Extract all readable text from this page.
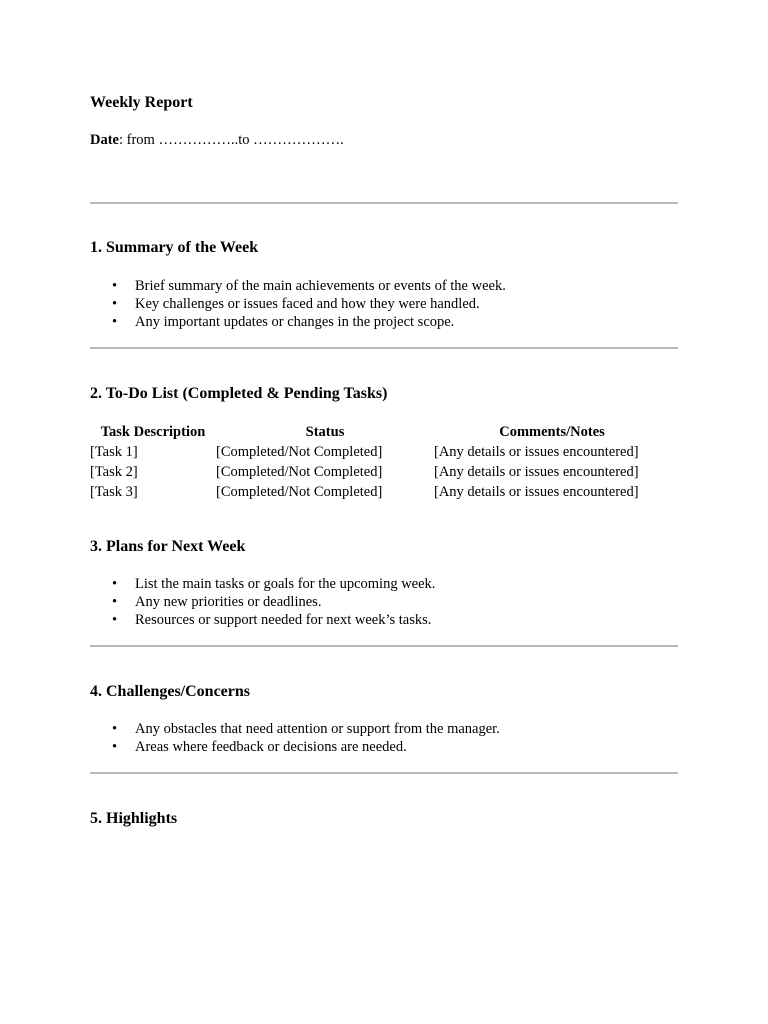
Weekly Report
Date: from ……………..to ……………….
1. Summary of the Week
• Brief summary of the main achievements or events of the week.
• Key challenges or issues faced and how they were handled.
• Any important updates or changes in the project scope.
2. To-Do List (Completed & Pending Tasks)
Task Description	Status	Comments/Notes
[Task 1]	[Completed/Not Completed]	[Any details or issues encountered]
[Task 2]	[Completed/Not Completed]	[Any details or issues encountered]
[Task 3]	[Completed/Not Completed]	[Any details or issues encountered]
3. Plans for Next Week
• List the main tasks or goals for the upcoming week.
• Any new priorities or deadlines.
• Resources or support needed for next week’s tasks.
4. Challenges/Concerns
• Any obstacles that need attention or support from the manager.
• Areas where feedback or decisions are needed.
5. Highlights
